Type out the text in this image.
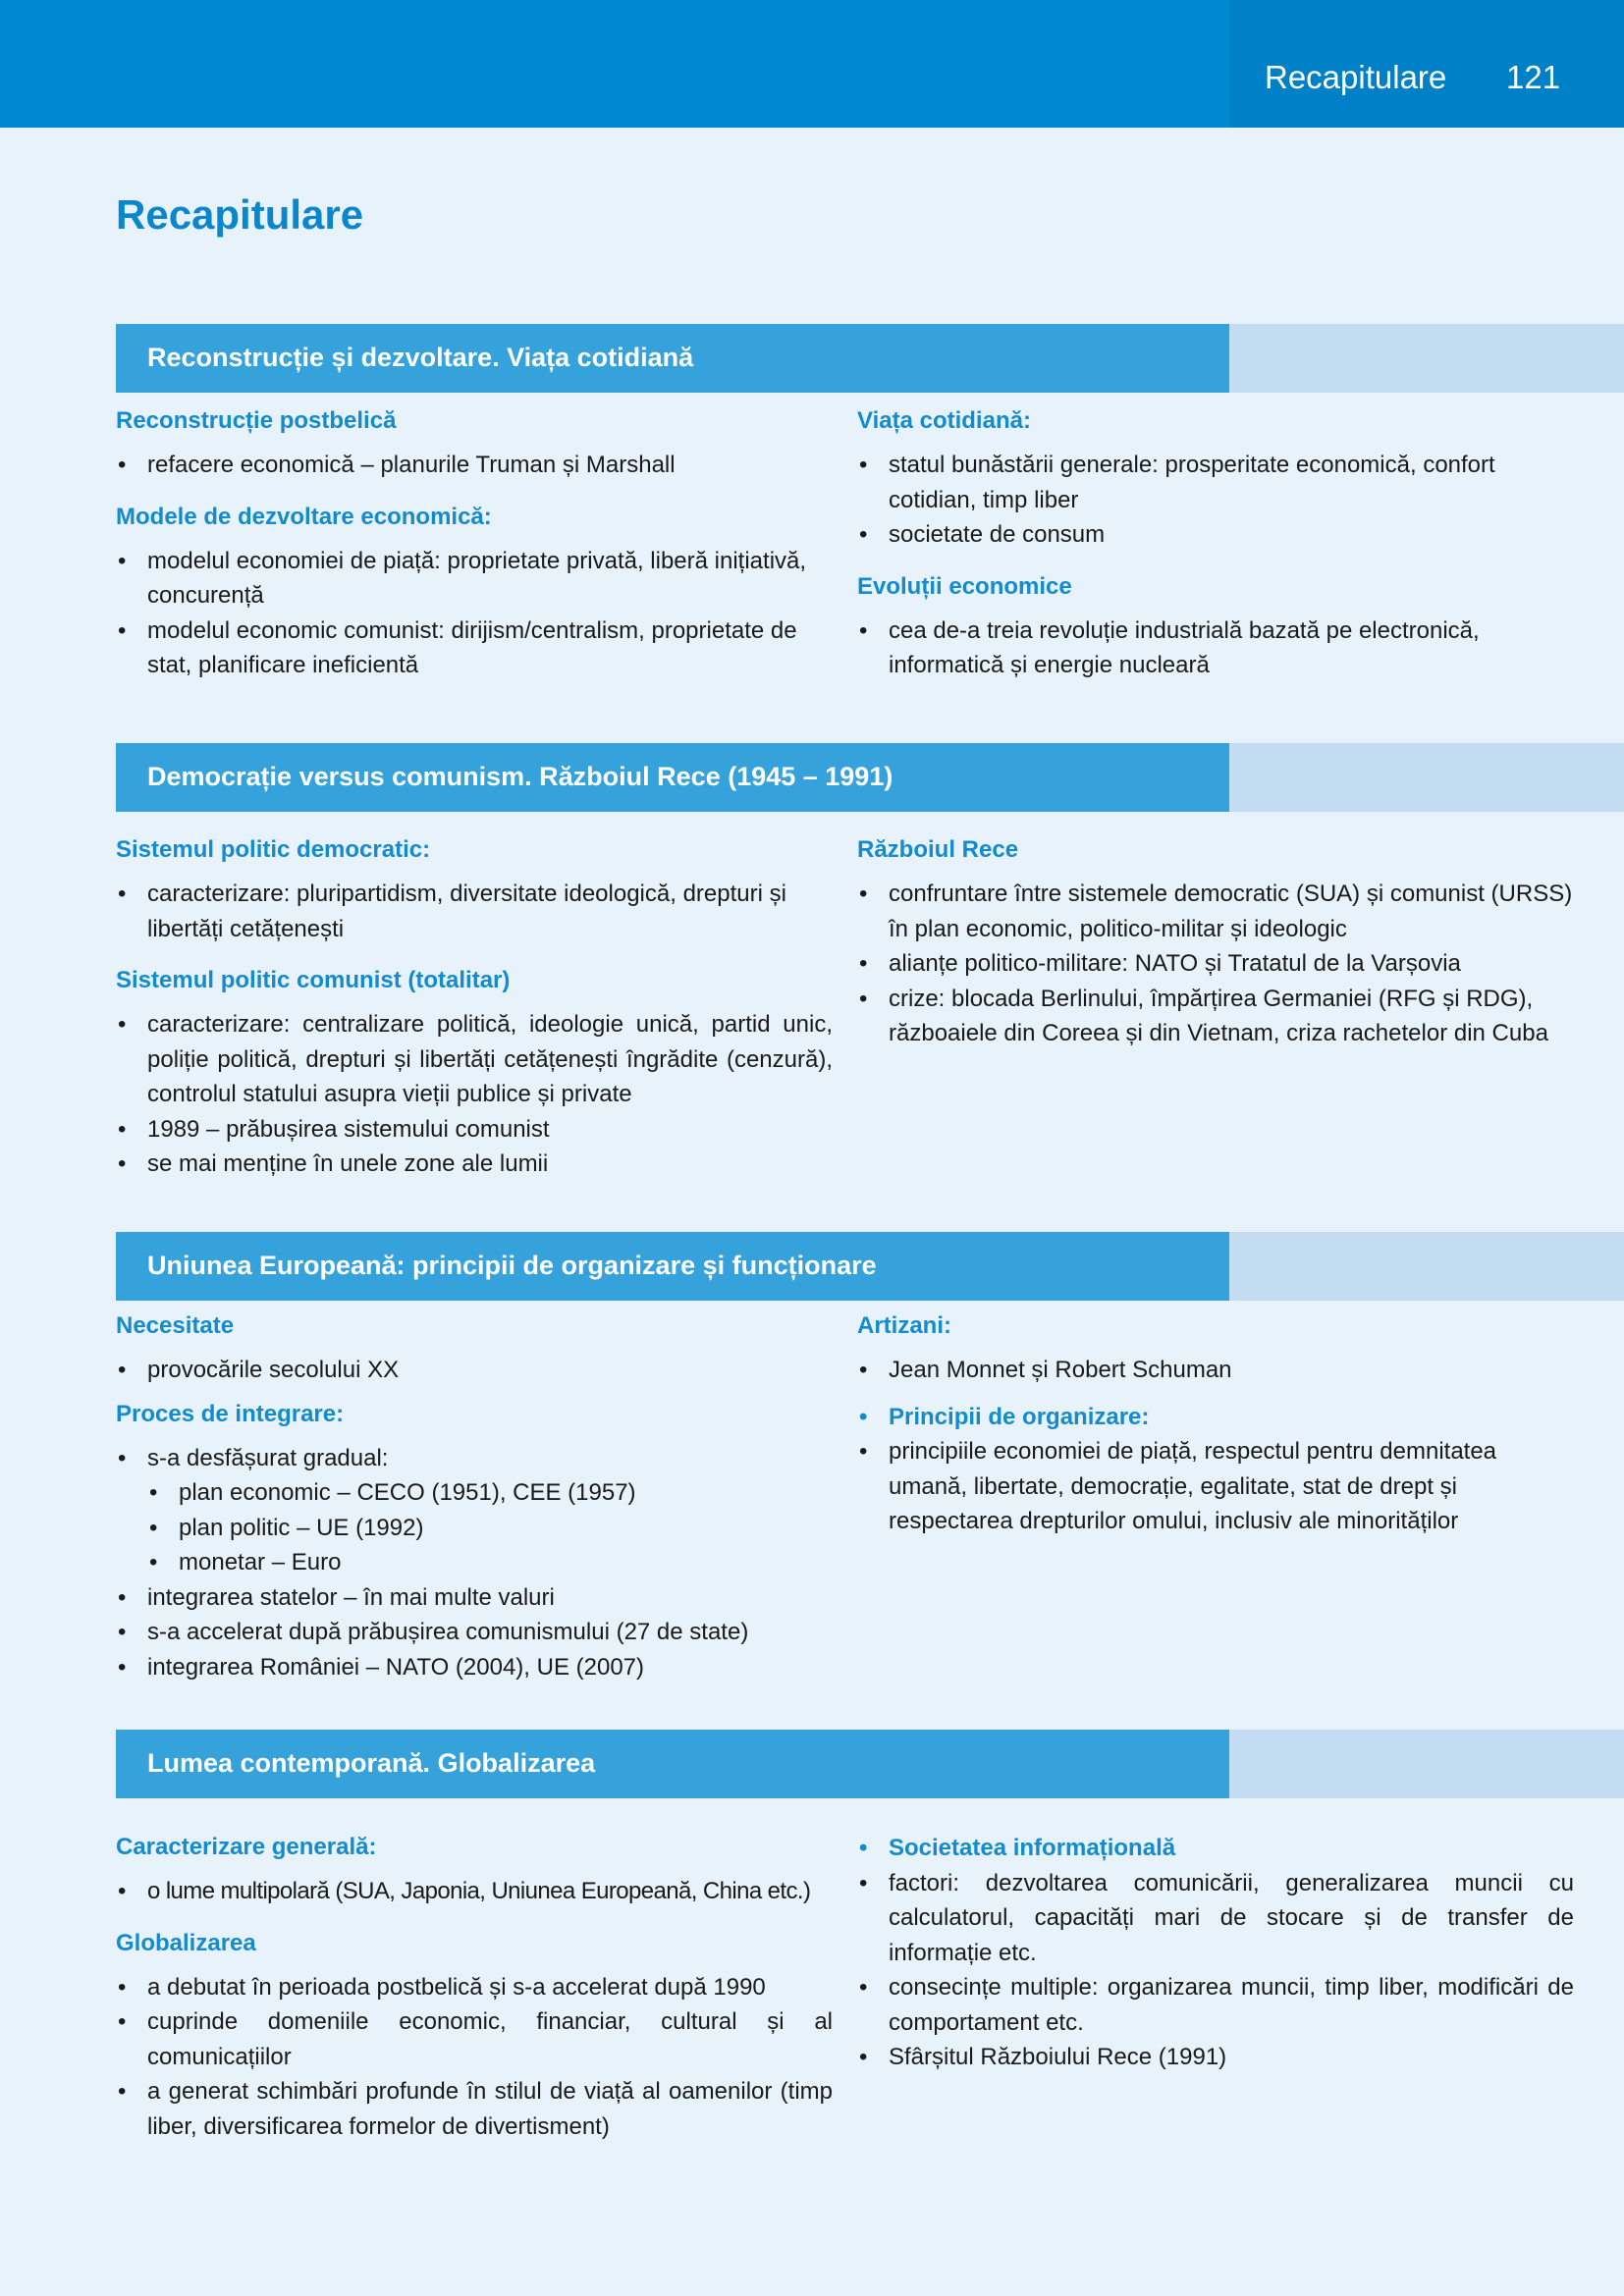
Recapitulare 121
Recapitulare
Reconstrucție și dezvoltare. Viața cotidiană
Reconstrucție postbelică
• refacere economică – planurile Truman și Marshall
Modele de dezvoltare economică:
• modelul economiei de piață: proprietate privată, liberă inițiativă, concurență
• modelul economic comunist: dirijism/centralism, proprietate de stat, planificare ineficientă
Viața cotidiană:
• statul bunăstării generale: prosperitate economică, confort cotidian, timp liber
• societate de consum
Evoluții economice
• cea de-a treia revoluție industrială bazată pe electronică, informatică și energie nucleară
Democrație versus comunism. Războiul Rece (1945 – 1991)
Sistemul politic democratic:
• caracterizare: pluripartidism, diversitate ideologică, drepturi și libertăți cetățenești
Sistemul politic comunist (totalitar)
• caracterizare: centralizare politică, ideologie unică, partid unic, poliție politică, drepturi și libertăți cetățenești îngrădite (cenzură), controlul statului asupra vieții publice și private
• 1989 – prăbușirea sistemului comunist
• se mai menține în unele zone ale lumii
Războiul Rece
• confruntare între sistemele democratic (SUA) și comunist (URSS) în plan economic, politico-militar și ideologic
• alianțe politico-militare: NATO și Tratatul de la Varșovia
• crize: blocada Berlinului, împărțirea Germaniei (RFG și RDG), războaiele din Coreea și din Vietnam, criza rachetelor din Cuba
Uniunea Europeană: principii de organizare și funcționare
Necesitate
• provocările secolului XX
Proces de integrare:
• s-a desfășurat gradual:
• plan economic – CECO (1951), CEE (1957)
• plan politic – UE (1992)
• monetar – Euro
• integrarea statelor – în mai multe valuri
• s-a accelerat după prăbușirea comunismului (27 de state)
• integrarea României – NATO (2004), UE (2007)
Artizani:
• Jean Monnet și Robert Schuman
• Principii de organizare:
• principiile economiei de piață, respectul pentru demnitatea umană, libertate, democrație, egalitate, stat de drept și respectarea drepturilor omului, inclusiv ale minorităților
Lumea contemporană. Globalizarea
Caracterizare generală:
• o lume multipolară (SUA, Japonia, Uniunea Europeană, China etc.)
Globalizarea
• a debutat în perioada postbelică și s-a accelerat după 1990
• cuprinde domeniile economic, financiar, cultural și al comunicațiilor
• a generat schimbări profunde în stilul de viață al oamenilor (timp liber, diversificarea formelor de divertisment)
• Societatea informațională
• factori: dezvoltarea comunicării, generalizarea muncii cu calculatorul, capacități mari de stocare și de transfer de informație etc.
• consecințe multiple: organizarea muncii, timp liber, modificări de comportament etc.
• Sfârșitul Războiului Rece (1991)
